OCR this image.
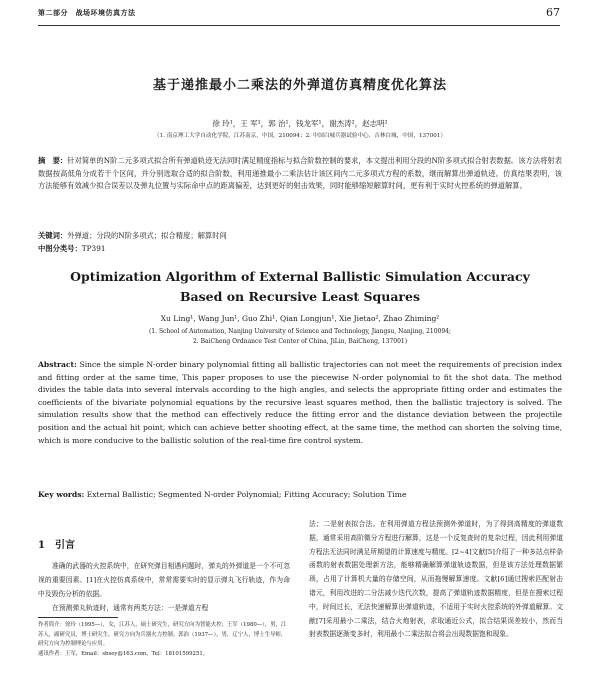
第二部分　战场环境仿真方法	67
基于递推最小二乘法的外弹道仿真精度优化算法
徐 玲¹，王 军¹，郭 治¹，钱龙军¹，谢杰涛²，赵志明²
（1. 南京理工大学自动化学院，江苏南京，中国，210094；2. 中国白城兵器试验中心，吉林白城，中国，137001）
摘　要：针对简单的N阶二元多项式拟合所有弹道轨迹无法同时满足精度指标与拟合阶数控制的要求，本文提出利用分段的N阶多项式拟合射表数据。该方法将射表数据按高低角分成若干个区间，并分别选取合适的拟合阶数，利用递推最小二乘法估计该区间内二元多项式方程的系数，继而解算出弹道轨迹。仿真结果表明，该方法能够有效减少拟合误差以及弹丸位置与实际命中点的距离偏差，达到更好的射击效果，同时能够缩短解算时间，更有利于实时火控系统的弹道解算。
关键词：外弹道；分段的N阶多项式；拟合精度；解算时间
中图分类号：TP391
Optimization Algorithm of External Ballistic Simulation Accuracy
Based on Recursive Least Squares
Xu Ling¹, Wang Jun¹, Guo Zhi¹, Qian Longjun¹, Xie Jietao², Zhao Zhiming²
(1. School of Automation, Nanjing University of Science and Technology, Jiangsu, Nanjing, 210094;
2. BaiCheng Ordnance Test Center of China, JiLin, BaiCheng, 137001)
Abstract: Since the simple N-order binary polynomial fitting all ballistic trajectories can not meet the requirements of precision index and fitting order at the same time, This paper proposes to use the piecewise N-order polynomial to fit the shot data. The method divides the table data into several intervals according to the high angles, and selects the appropriate fitting order and estimates the coefficients of the bivariate polynomial equations by the recursive least squares method, then the ballistic trajectory is solved. The simulation results show that the method can effectively reduce the fitting error and the distance deviation between the projectile position and the actual hit point, which can achieve better shooting effect, at the same time, the method can shorten the solving time, which is more conducive to the ballistic solution of the real-time fire control system.
Key words: External Ballistic; Segmented N-order Polynomial; Fitting Accuracy; Solution Time
1 引言

准确的武器的火控系统中，在研究弹目相遇问题时，弹丸的外弹道是一个不可忽视的重要因素。[1]在火控仿真系统中，常常需要实时的显示弹丸飞行轨迹，作为命中及毁伤分析的依据。

在预测弹丸轨迹时，通常有两类方法：一是弹道方程

作者简介：徐玲（1995—），女，江苏人，硕士研究生，研究方向为智能火控；王军（1980—），男，江苏人，副研究员，博士研究生，研究方向为兵器火力控制；郭治（1937—），男，辽宁人，博士生导师，研究方向为控制理论与应用。

通讯作者：王军，Email：sbsey@163.com，Tel：18101599251。

法；二是射表拟合法。在利用弹道方程法预测外弹道时，为了得到高精度的弹道数据，通常采用高阶微分方程进行解算，这是一个反复查时的复杂过程，因此利用弹道方程法无法同时满足所期望的计算速度与精度。[2~4]文献[5]介绍了一种多站点样条函数的射表数据处理新方法，能够精确解算弹道轨迹数据，但是该方法处理数据繁琐，占用了计算机大量的存储空间，从而拖慢解算速度。文献[6]通过搜索匹配射击诸元，利用改进的二分法减少迭代次数，提高了弹道轨迹数据精度，但是在搜索过程中，时间过长，无法快速解算出弹道轨迹，不适用于实时火控系统的外弹道解算。文献[7]采用最小二乘法，结合火炮射表，求取通近公式，拟合结果误差较小，然而当射表数据逐渐变多时，利用最小二乘法拟合将会出现数据饱和现象。
